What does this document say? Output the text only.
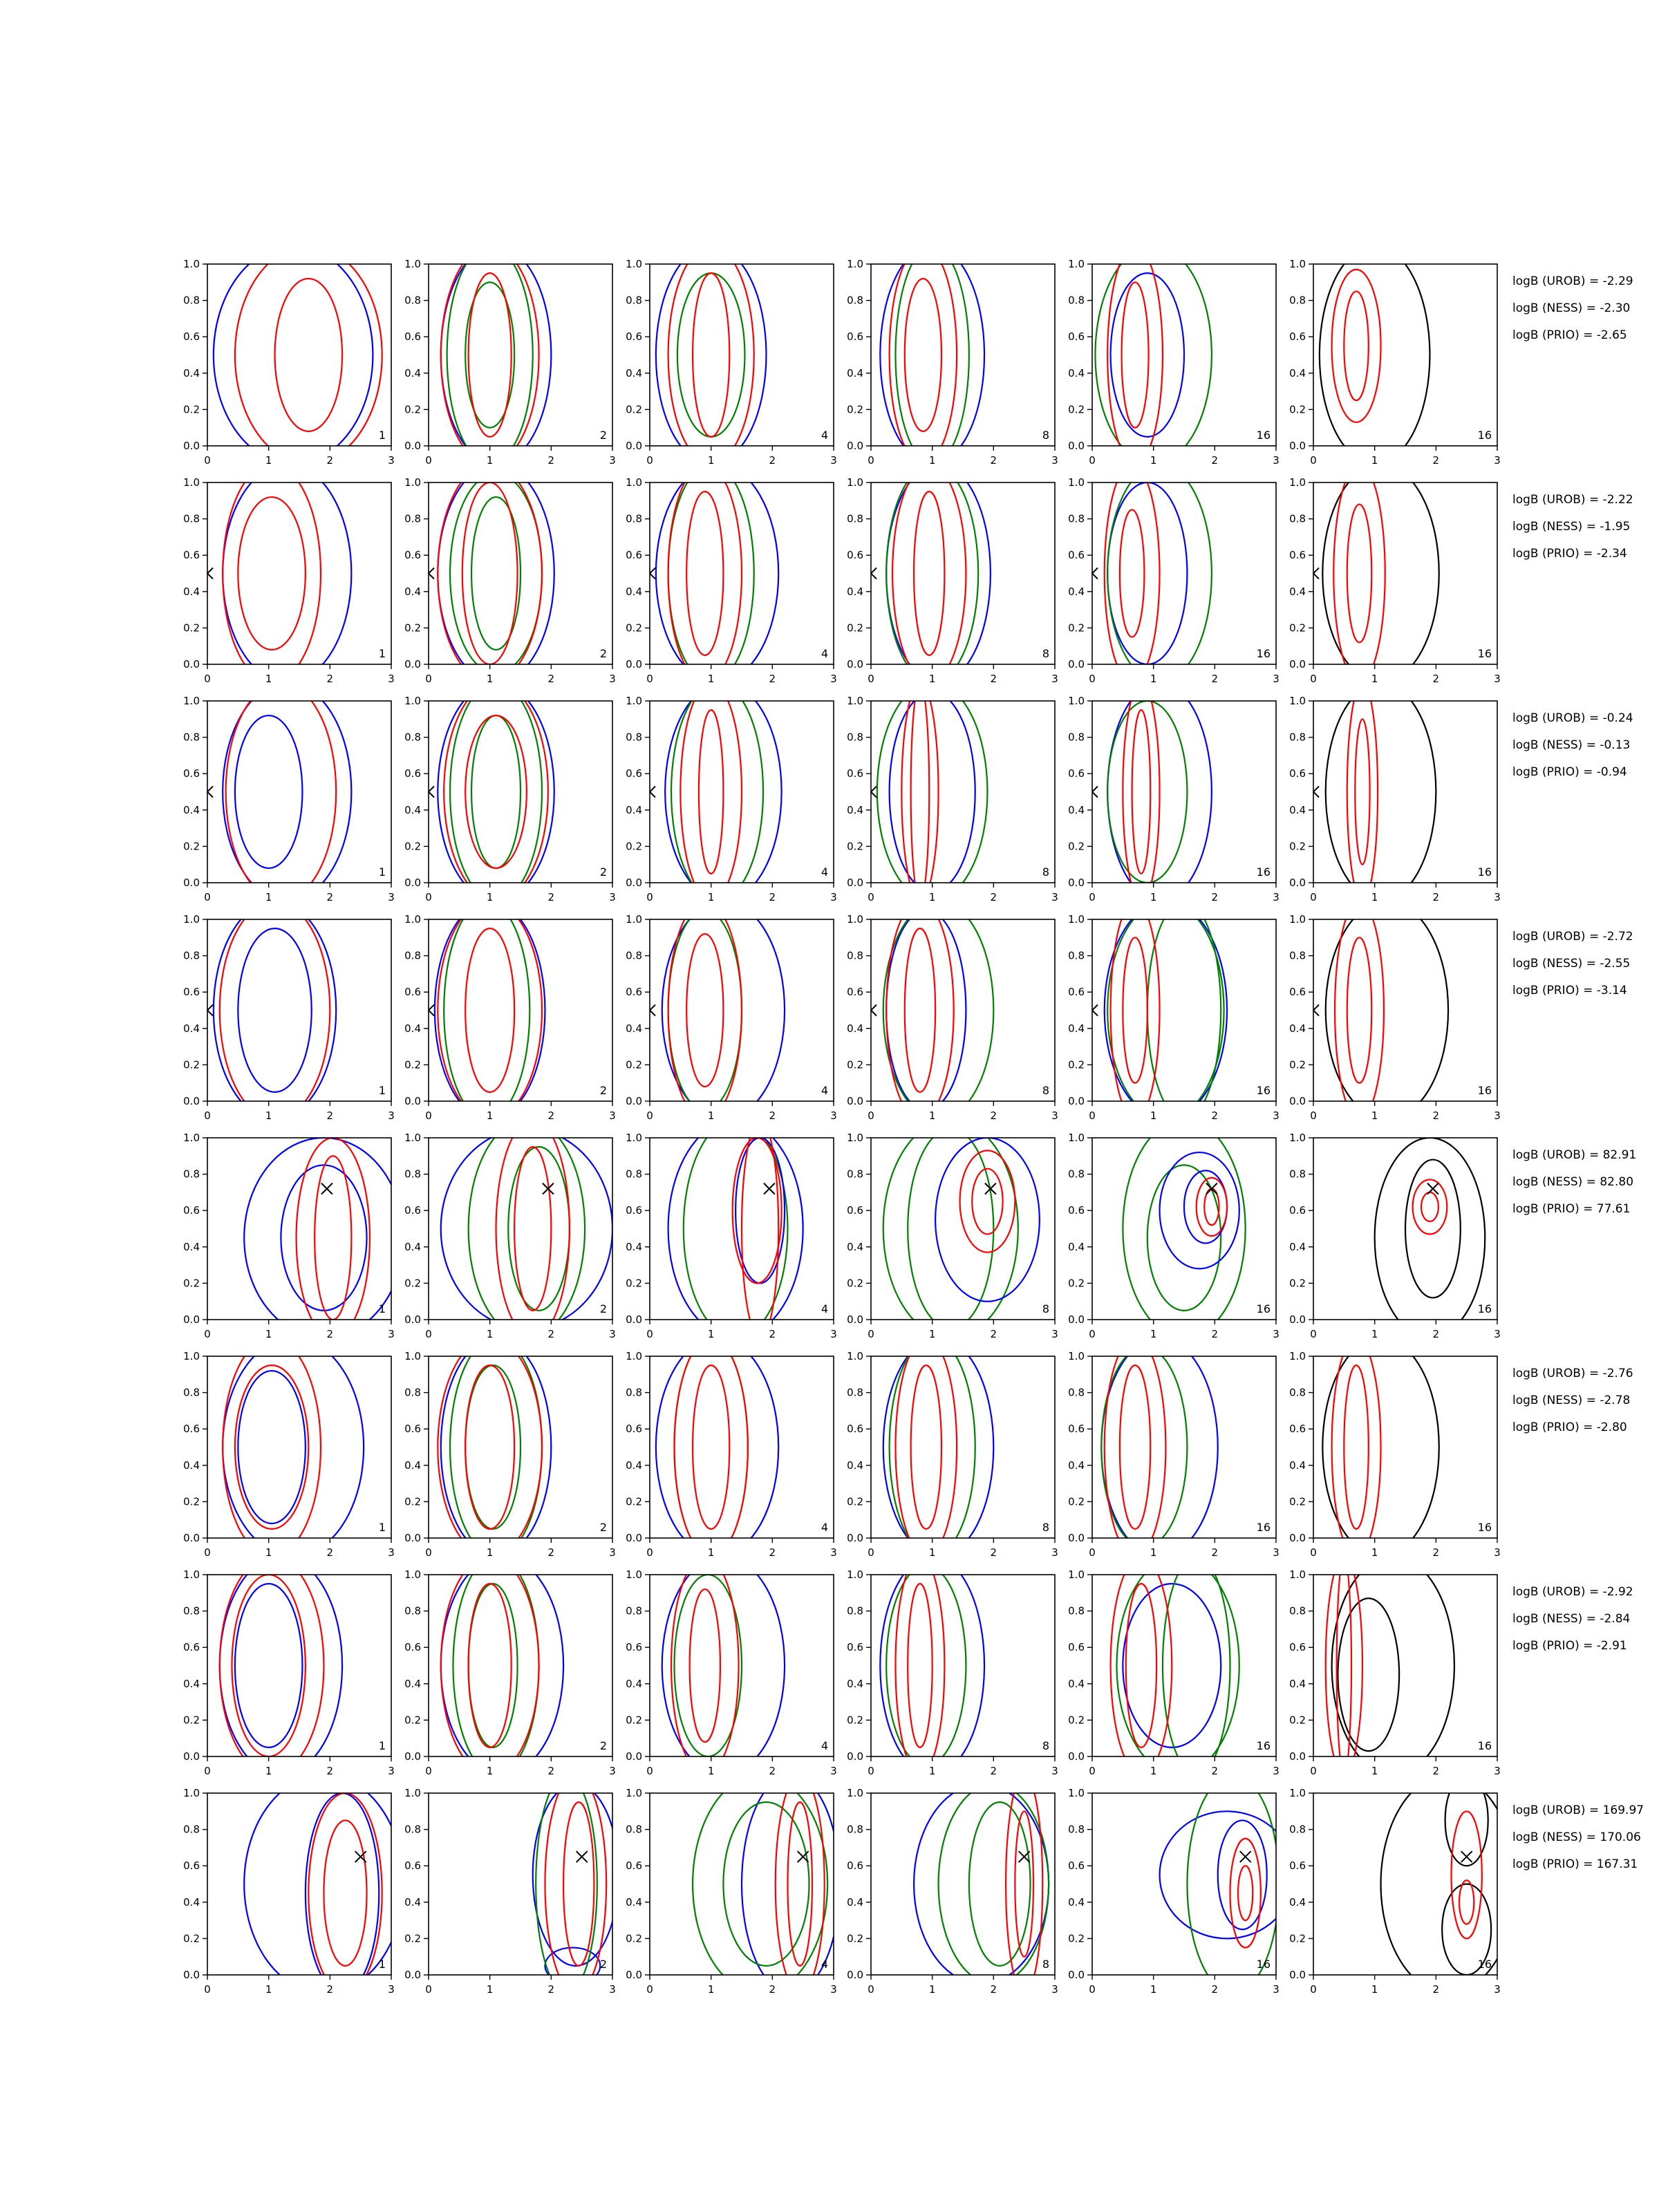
0	1	2	3
0.0
0.2
0.4
0.6
0.8
1.0
1
0	1	2	3
0.0
0.2
0.4
0.6
0.8
1.0
2
0	1	2	3
0.0
0.2
0.4
0.6
0.8
1.0
4
0	1	2	3
0.0
0.2
0.4
0.6
0.8
1.0
8
0	1	2	3
0.0
0.2
0.4
0.6
0.8
1.0
16
0	1	2	3
0.0
0.2
0.4
0.6
0.8
1.0
16
logB (UROB) = -2.29
logB (NESS) = -2.30
logB (PRIO) = -2.65
0	1	2	3
0.0
0.2
0.4
0.6
0.8
1.0
1
0	1	2	3
0.0
0.2
0.4
0.6
0.8
1.0
2
0	1	2	3
0.0
0.2
0.4
0.6
0.8
1.0
4
0	1	2	3
0.0
0.2
0.4
0.6
0.8
1.0
8
0	1	2	3
0.0
0.2
0.4
0.6
0.8
1.0
16
0	1	2	3
0.0
0.2
0.4
0.6
0.8
1.0
16
logB (UROB) = -2.22
logB (NESS) = -1.95
logB (PRIO) = -2.34
0	1	2	3
0.0
0.2
0.4
0.6
0.8
1.0
1
0	1	2	3
0.0
0.2
0.4
0.6
0.8
1.0
2
0	1	2	3
0.0
0.2
0.4
0.6
0.8
1.0
4
0	1	2	3
0.0
0.2
0.4
0.6
0.8
1.0
8
0	1	2	3
0.0
0.2
0.4
0.6
0.8
1.0
16
0	1	2	3
0.0
0.2
0.4
0.6
0.8
1.0
16
logB (UROB) = -0.24
logB (NESS) = -0.13
logB (PRIO) = -0.94
0	1	2	3
0.0
0.2
0.4
0.6
0.8
1.0
1
0	1	2	3
0.0
0.2
0.4
0.6
0.8
1.0
2
0	1	2	3
0.0
0.2
0.4
0.6
0.8
1.0
4
0	1	2	3
0.0
0.2
0.4
0.6
0.8
1.0
8
0	1	2	3
0.0
0.2
0.4
0.6
0.8
1.0
16
0	1	2	3
0.0
0.2
0.4
0.6
0.8
1.0
16
logB (UROB) = -2.72
logB (NESS) = -2.55
logB (PRIO) = -3.14
0	1	2	3
0.0
0.2
0.4
0.6
0.8
1.0
1
0	1	2	3
0.0
0.2
0.4
0.6
0.8
1.0
2
0	1	2	3
0.0
0.2
0.4
0.6
0.8
1.0
4
0	1	2	3
0.0
0.2
0.4
0.6
0.8
1.0
8
0	1	2	3
0.0
0.2
0.4
0.6
0.8
1.0
16
0	1	2	3
0.0
0.2
0.4
0.6
0.8
1.0
16
logB (UROB) = 82.91
logB (NESS) = 82.80
logB (PRIO) = 77.61
0	1	2	3
0.0
0.2
0.4
0.6
0.8
1.0
1
0	1	2	3
0.0
0.2
0.4
0.6
0.8
1.0
2
0	1	2	3
0.0
0.2
0.4
0.6
0.8
1.0
4
0	1	2	3
0.0
0.2
0.4
0.6
0.8
1.0
8
0	1	2	3
0.0
0.2
0.4
0.6
0.8
1.0
16
0	1	2	3
0.0
0.2
0.4
0.6
0.8
1.0
16
logB (UROB) = -2.76
logB (NESS) = -2.78
logB (PRIO) = -2.80
0	1	2	3
0.0
0.2
0.4
0.6
0.8
1.0
1
0	1	2	3
0.0
0.2
0.4
0.6
0.8
1.0
2
0	1	2	3
0.0
0.2
0.4
0.6
0.8
1.0
4
0	1	2	3
0.0
0.2
0.4
0.6
0.8
1.0
8
0	1	2	3
0.0
0.2
0.4
0.6
0.8
1.0
16
0	1	2	3
0.0
0.2
0.4
0.6
0.8
1.0
16
logB (UROB) = -2.92
logB (NESS) = -2.84
logB (PRIO) = -2.91
0	1	2	3
0.0
0.2
0.4
0.6
0.8
1.0
1
0	1	2	3
0.0
0.2
0.4
0.6
0.8
1.0
2
0	1	2	3
0.0
0.2
0.4
0.6
0.8
1.0
4
0	1	2	3
0.0
0.2
0.4
0.6
0.8
1.0
8
0	1	2	3
0.0
0.2
0.4
0.6
0.8
1.0
16
0	1	2	3
0.0
0.2
0.4
0.6
0.8
1.0
16
logB (UROB) = 169.97
logB (NESS) = 170.06
logB (PRIO) = 167.31
